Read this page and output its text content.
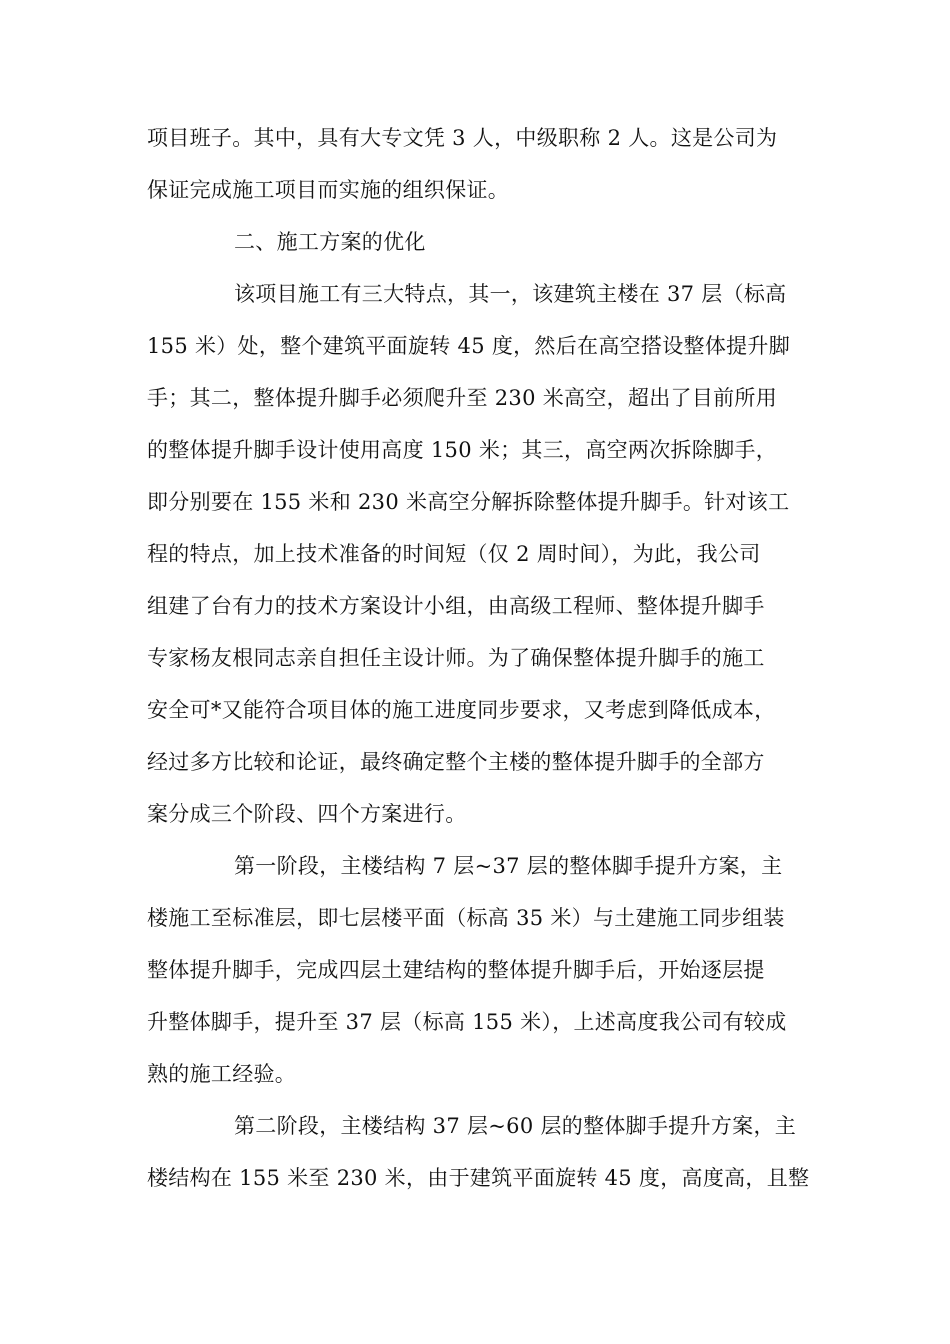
项目班子。其中，具有大专文凭 3 人，中级职称 2 人。这是公司为
保证完成施工项目而实施的组织保证。
二、施工方案的优化
该项目施工有三大特点，其一，该建筑主楼在 37 层（标高
155 米）处，整个建筑平面旋转 45 度，然后在高空搭设整体提升脚
手；其二，整体提升脚手必须爬升至 230 米高空，超出了目前所用
的整体提升脚手设计使用高度 150 米；其三，高空两次拆除脚手，
即分别要在 155 米和 230 米高空分解拆除整体提升脚手。针对该工
程的特点，加上技术准备的时间短（仅 2 周时间），为此，我公司
组建了台有力的技术方案设计小组，由高级工程师、整体提升脚手
专家杨友根同志亲自担任主设计师。为了确保整体提升脚手的施工
安全可*又能符合项目体的施工进度同步要求，又考虑到降低成本，
经过多方比较和论证，最终确定整个主楼的整体提升脚手的全部方
案分成三个阶段、四个方案进行。
第一阶段，主楼结构 7 层~37 层的整体脚手提升方案，主
楼施工至标准层，即七层楼平面（标高 35 米）与土建施工同步组装
整体提升脚手，完成四层土建结构的整体提升脚手后，开始逐层提
升整体脚手，提升至 37 层（标高 155 米），上述高度我公司有较成
熟的施工经验。
第二阶段，主楼结构 37 层~60 层的整体脚手提升方案，主
楼结构在 155 米至 230 米，由于建筑平面旋转 45 度，高度高，且整
